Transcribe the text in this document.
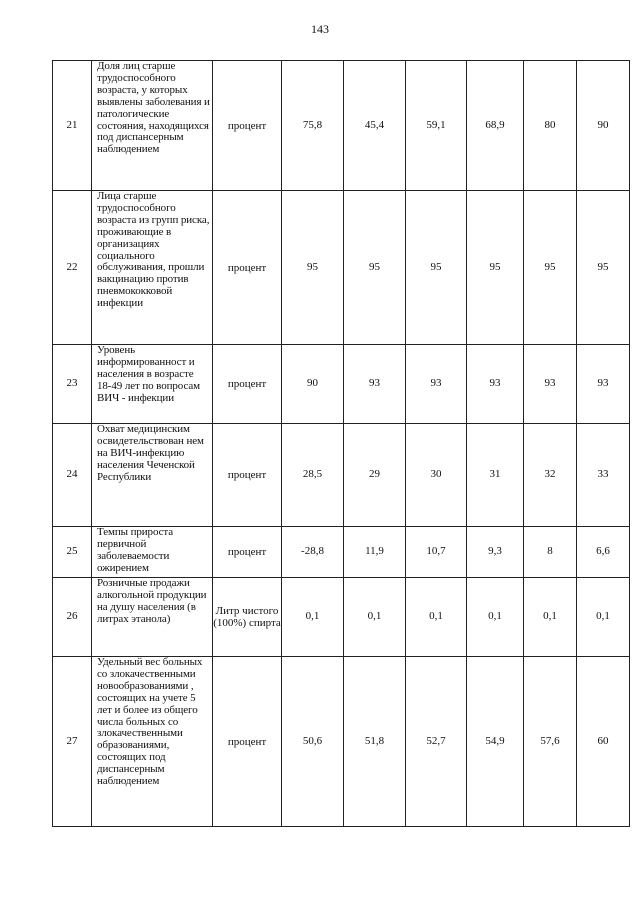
143
21	Доля лиц старше трудоспособного возраста, у которых выявлены заболевания и патологические состояния, находящихся под диспансерным наблюдением	процент	75,8	45,4	59,1	68,9	80	90
22	Лица старше трудоспособного возраста из групп риска, проживающие в организациях социального обслуживания, прошли вакцинацию против пневмококковой инфекции	процент	95	95	95	95	95	95
23	Уровень информированност и населения в возрасте 18-49 лет по вопросам ВИЧ - инфекции	процент	90	93	93	93	93	93
24	Охват медицинским освидетельствован нем на ВИЧ-инфекцию населения Чеченской Республики	процент	28,5	29	30	31	32	33
25	Темпы прироста первичной заболеваемости ожирением	процент	-28,8	11,9	10,7	9,3	8	6,6
26	Розничные продажи алкогольной продукции на душу населения (в литрах этанола)	Литр чистого (100%) спирта	0,1	0,1	0,1	0,1	0,1	0,1
27	Удельный вес больных со злокачественными новообразованиями , состоящих на учете 5 лет и более из общего числа больных со злокачественными образованиями, состоящих под диспансерным наблюдением	процент	50,6	51,8	52,7	54,9	57,6	60
